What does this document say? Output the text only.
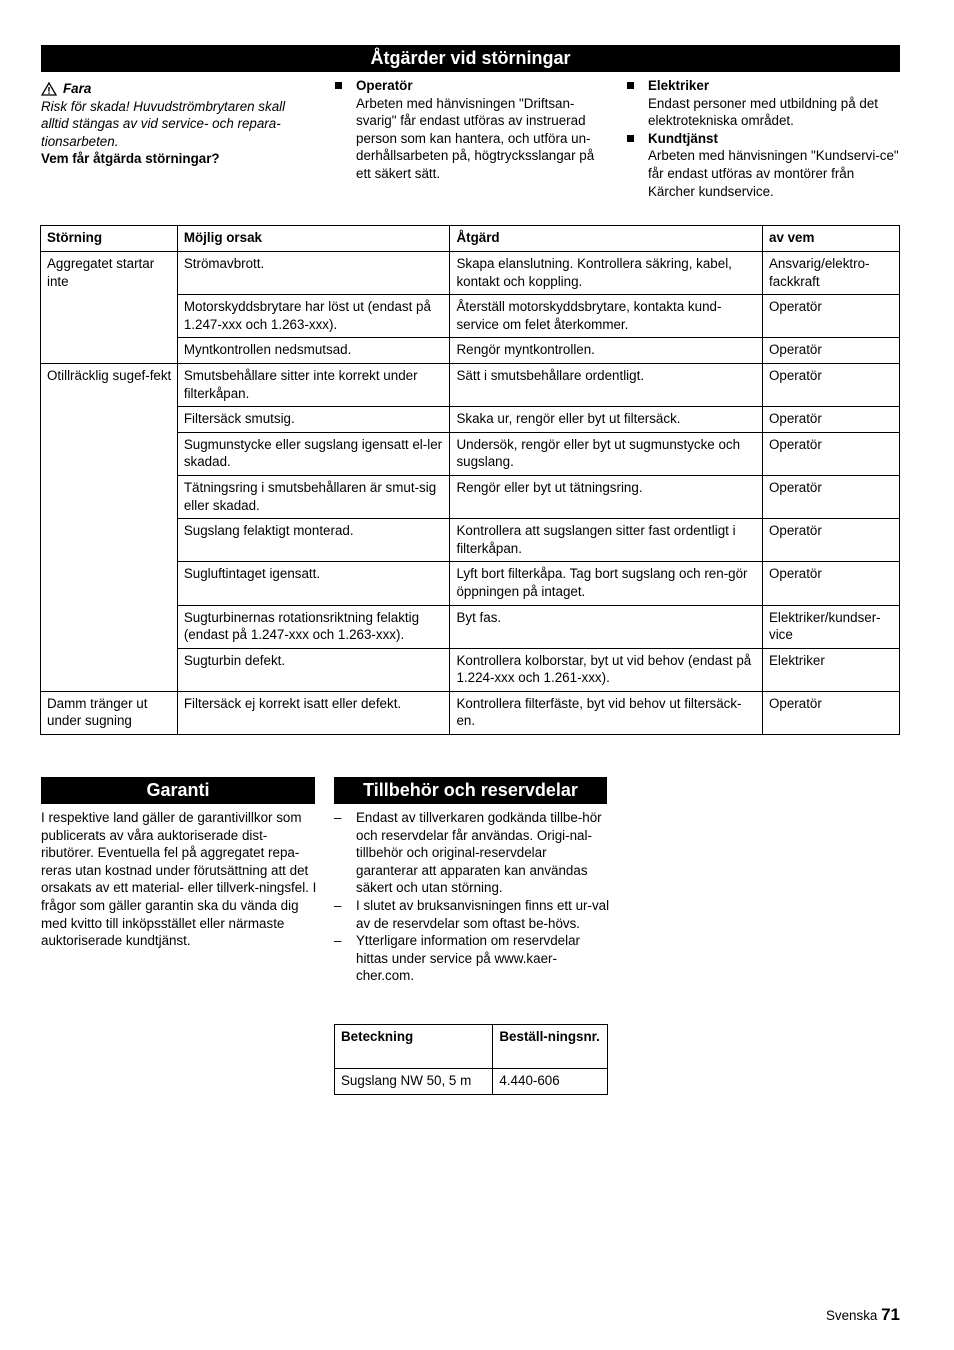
Åtgärder vid störningar
Fara

Risk för skada! Huvudströmbrytaren skall alltid stängas av vid service- och repara-tionsarbeten.

Vem får åtgärda störningar?

Operatör

Arbeten med hänvisningen "Driftsan-svarig" får endast utföras av instruerad person som kan hantera, och utföra un-derhållsarbeten på, högtrycksslangar på ett säkert sätt.

Elektriker

Endast personer med utbildning på det elektrotekniska området.

Kundtjänst

Arbeten med hänvisningen "Kundservi-ce" får endast utföras av montörer från Kärcher kundservice.

Störning	Möjlig orsak	Åtgärd	av vem
Aggregatet startar inte	Strömavbrott.	Skapa elanslutning. Kontrollera säkring, kabel, kontakt och koppling.	Ansvarig/elektro-fackkraft
	Motorskyddsbrytare har löst ut (endast på 1.247-xxx och 1.263-xxx).	Återställ motorskyddsbrytare, kontakta kund-service om felet återkommer.	Operatör
	Myntkontrollen nedsmutsad.	Rengör myntkontrollen.	Operatör
Otillräcklig sugef-fekt	Smutsbehållare sitter inte korrekt under filterkåpan.	Sätt i smutsbehållare ordentligt.	Operatör
	Filtersäck smutsig.	Skaka ur, rengör eller byt ut filtersäck.	Operatör
	Sugmunstycke eller sugslang igensatt el-ler skadad.	Undersök, rengör eller byt ut sugmunstycke och sugslang.	Operatör
	Tätningsring i smutsbehållaren är smut-sig eller skadad.	Rengör eller byt ut tätningsring.	Operatör
	Sugslang felaktigt monterad.	Kontrollera att sugslangen sitter fast ordentligt i filterkåpan.	Operatör
	Sugluftintaget igensatt.	Lyft bort filterkåpa. Tag bort sugslang och ren-gör öppningen på intaget.	Operatör
	Sugturbinernas rotationsriktning felaktig (endast på 1.247-xxx och 1.263-xxx).	Byt fas.	Elektriker/kundser-vice
	Sugturbin defekt.	Kontrollera kolborstar, byt ut vid behov (endast på 1.224-xxx och 1.261-xxx).	Elektriker
Damm tränger ut under sugning	Filtersäck ej korrekt isatt eller defekt.	Kontrollera filterfäste, byt vid behov ut filtersäck-en.	Operatör
Garanti

I respektive land gäller de garantivillkor som publicerats av våra auktoriserade dist-ributörer. Eventuella fel på aggregatet repa-reras utan kostnad under förutsättning att det orsakats av ett material- eller tillverk-ningsfel. I frågor som gäller garantin ska du vända dig med kvitto till inköpsstället eller närmaste auktoriserade kundtjänst.

Tillbehör och reservdelar
– Endast av tillverkaren godkända tillbe-hör och reservdelar får användas. Origi-nal-tillbehör och original-reservdelar garanterar att apparaten kan användas säkert och utan störning.
– I slutet av bruksanvisningen finns ett ur-val av de reservdelar som oftast be-hövs.
– Ytterligare information om reservdelar hittas under service på www.kaer-cher.com.
Beteckning	Beställ-ningsnr.
Sugslang NW 50, 5 m	4.440-606
Svenska 71
